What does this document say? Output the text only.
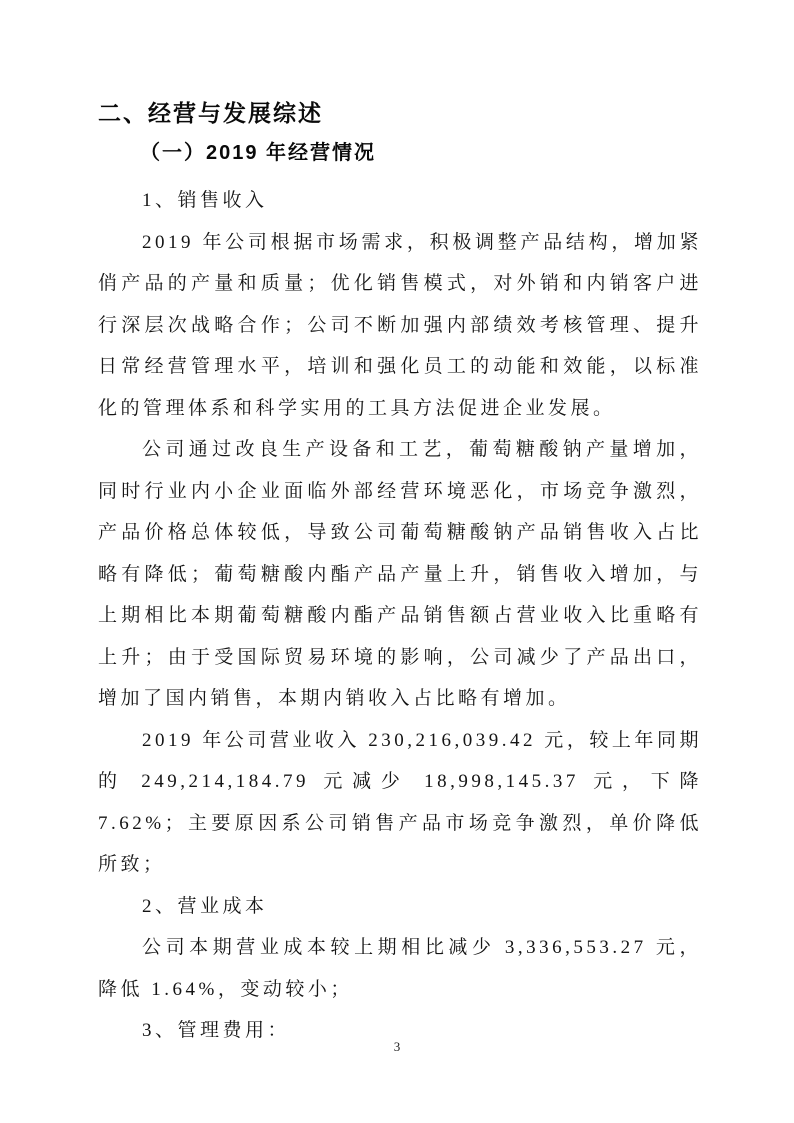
二、经营与发展综述
（一）2019 年经营情况

1、销售收入

2019 年公司根据市场需求，积极调整产品结构，增加紧俏产品的产量和质量；优化销售模式，对外销和内销客户进行深层次战略合作；公司不断加强内部绩效考核管理、提升日常经营管理水平，培训和强化员工的动能和效能，以标准化的管理体系和科学实用的工具方法促进企业发展。

公司通过改良生产设备和工艺，葡萄糖酸钠产量增加，同时行业内小企业面临外部经营环境恶化，市场竞争激烈，产品价格总体较低，导致公司葡萄糖酸钠产品销售收入占比略有降低；葡萄糖酸内酯产品产量上升，销售收入增加，与上期相比本期葡萄糖酸内酯产品销售额占营业收入比重略有上升；由于受国际贸易环境的影响，公司减少了产品出口，增加了国内销售，本期内销收入占比略有增加。

2019 年公司营业收入 230,216,039.42 元，较上年同期的 249,214,184.79 元减少 18,998,145.37 元，下降 7.62%；主要原因系公司销售产品市场竞争激烈，单价降低所致；

2、营业成本

公司本期营业成本较上期相比减少 3,336,553.27 元，降低 1.64%，变动较小；

3、管理费用：

3
